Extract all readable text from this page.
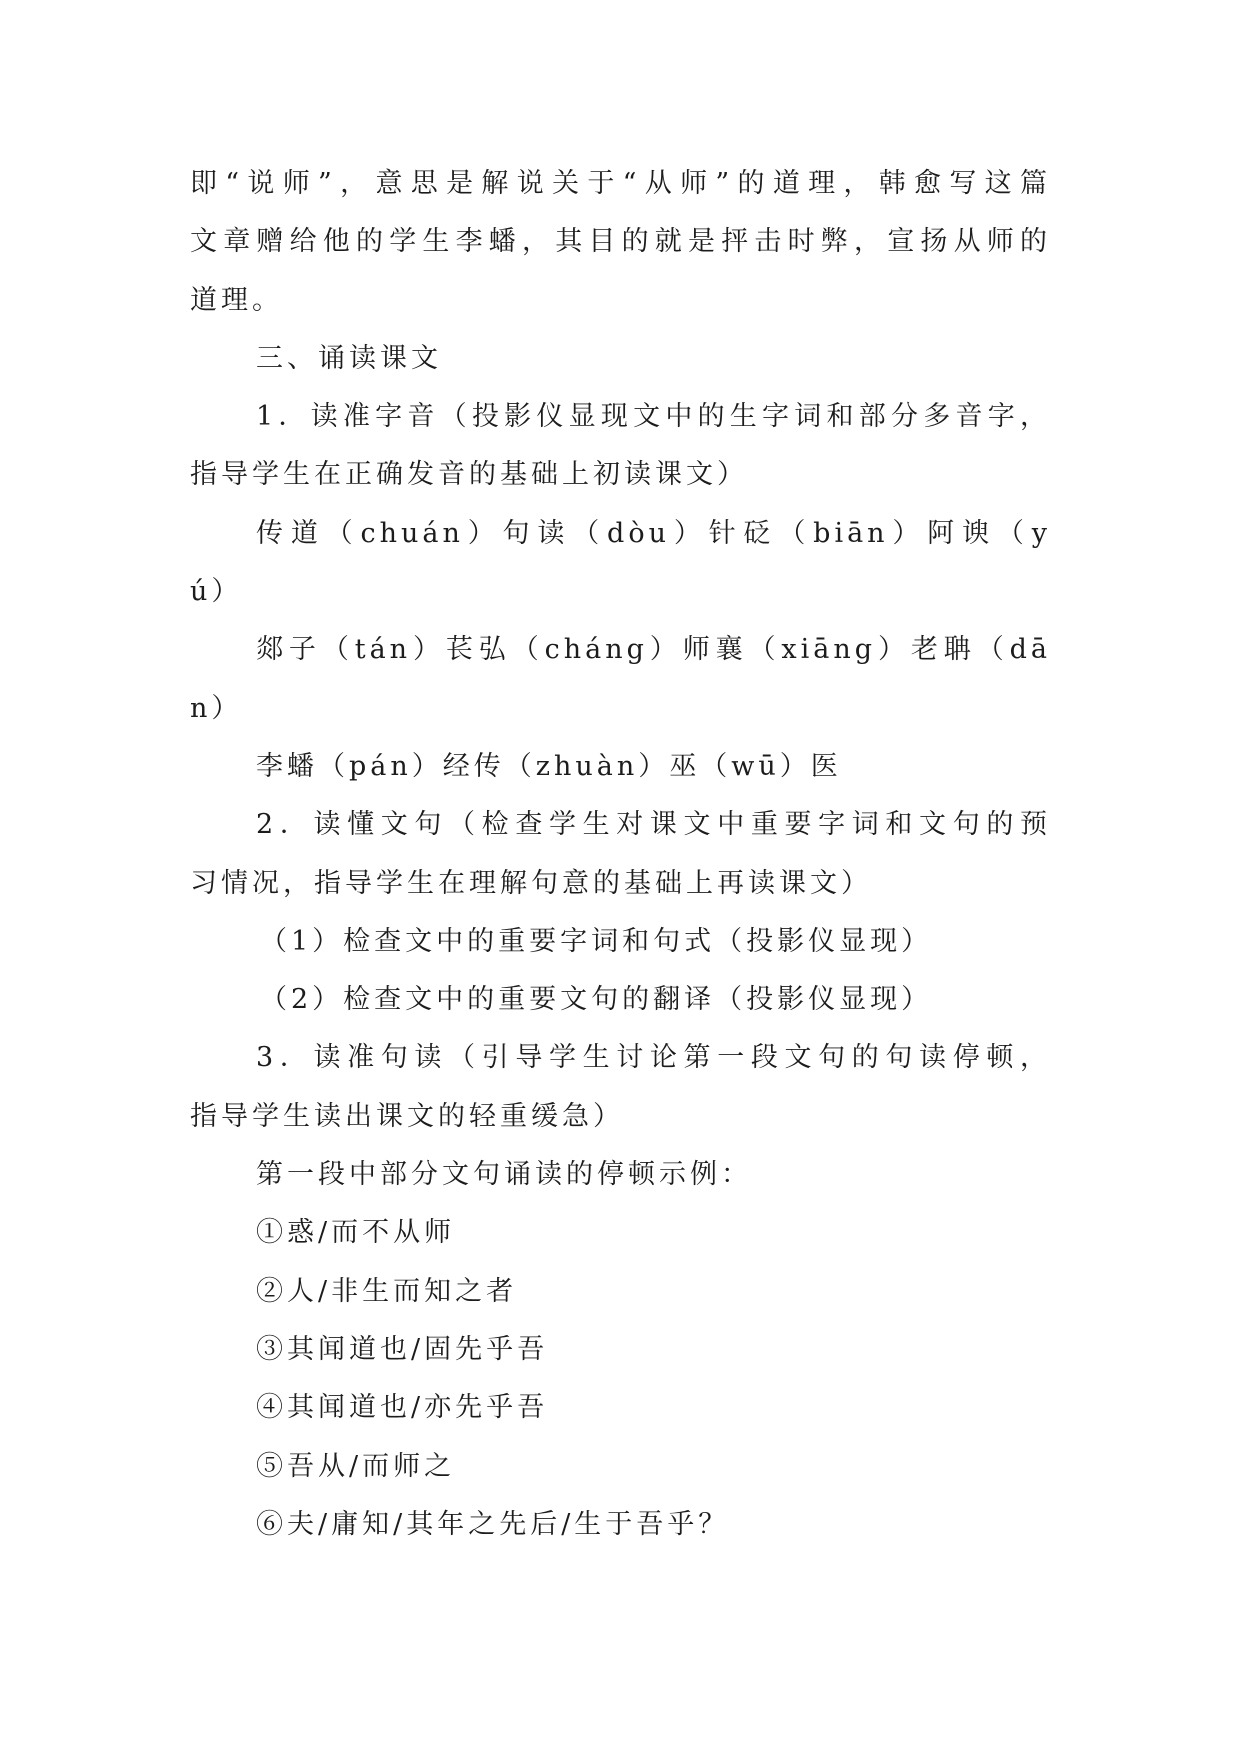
即“说师”，意思是解说关于“从师”的道理，韩愈写这篇
文章赠给他的学生李蟠，其目的就是抨击时弊，宣扬从师的
道理。
三、诵读课文
1．读准字音（投影仪显现文中的生字词和部分多音字，
指导学生在正确发音的基础上初读课文）
传道（chuán）句读（dòu）针砭（biān）阿谀（y
ú）
郯子（tán）苌弘（cháng）师襄（xiāng）老聃（dā
n）
李蟠（pán）经传（zhuàn）巫（wū）医
2．读懂文句（检查学生对课文中重要字词和文句的预
习情况，指导学生在理解句意的基础上再读课文）
（1）检查文中的重要字词和句式（投影仪显现）
（2）检查文中的重要文句的翻译（投影仪显现）
3．读准句读（引导学生讨论第一段文句的句读停顿，
指导学生读出课文的轻重缓急）
第一段中部分文句诵读的停顿示例：
①惑/而不从师
②人/非生而知之者
③其闻道也/固先乎吾
④其闻道也/亦先乎吾
⑤吾从/而师之
⑥夫/庸知/其年之先后/生于吾乎？
